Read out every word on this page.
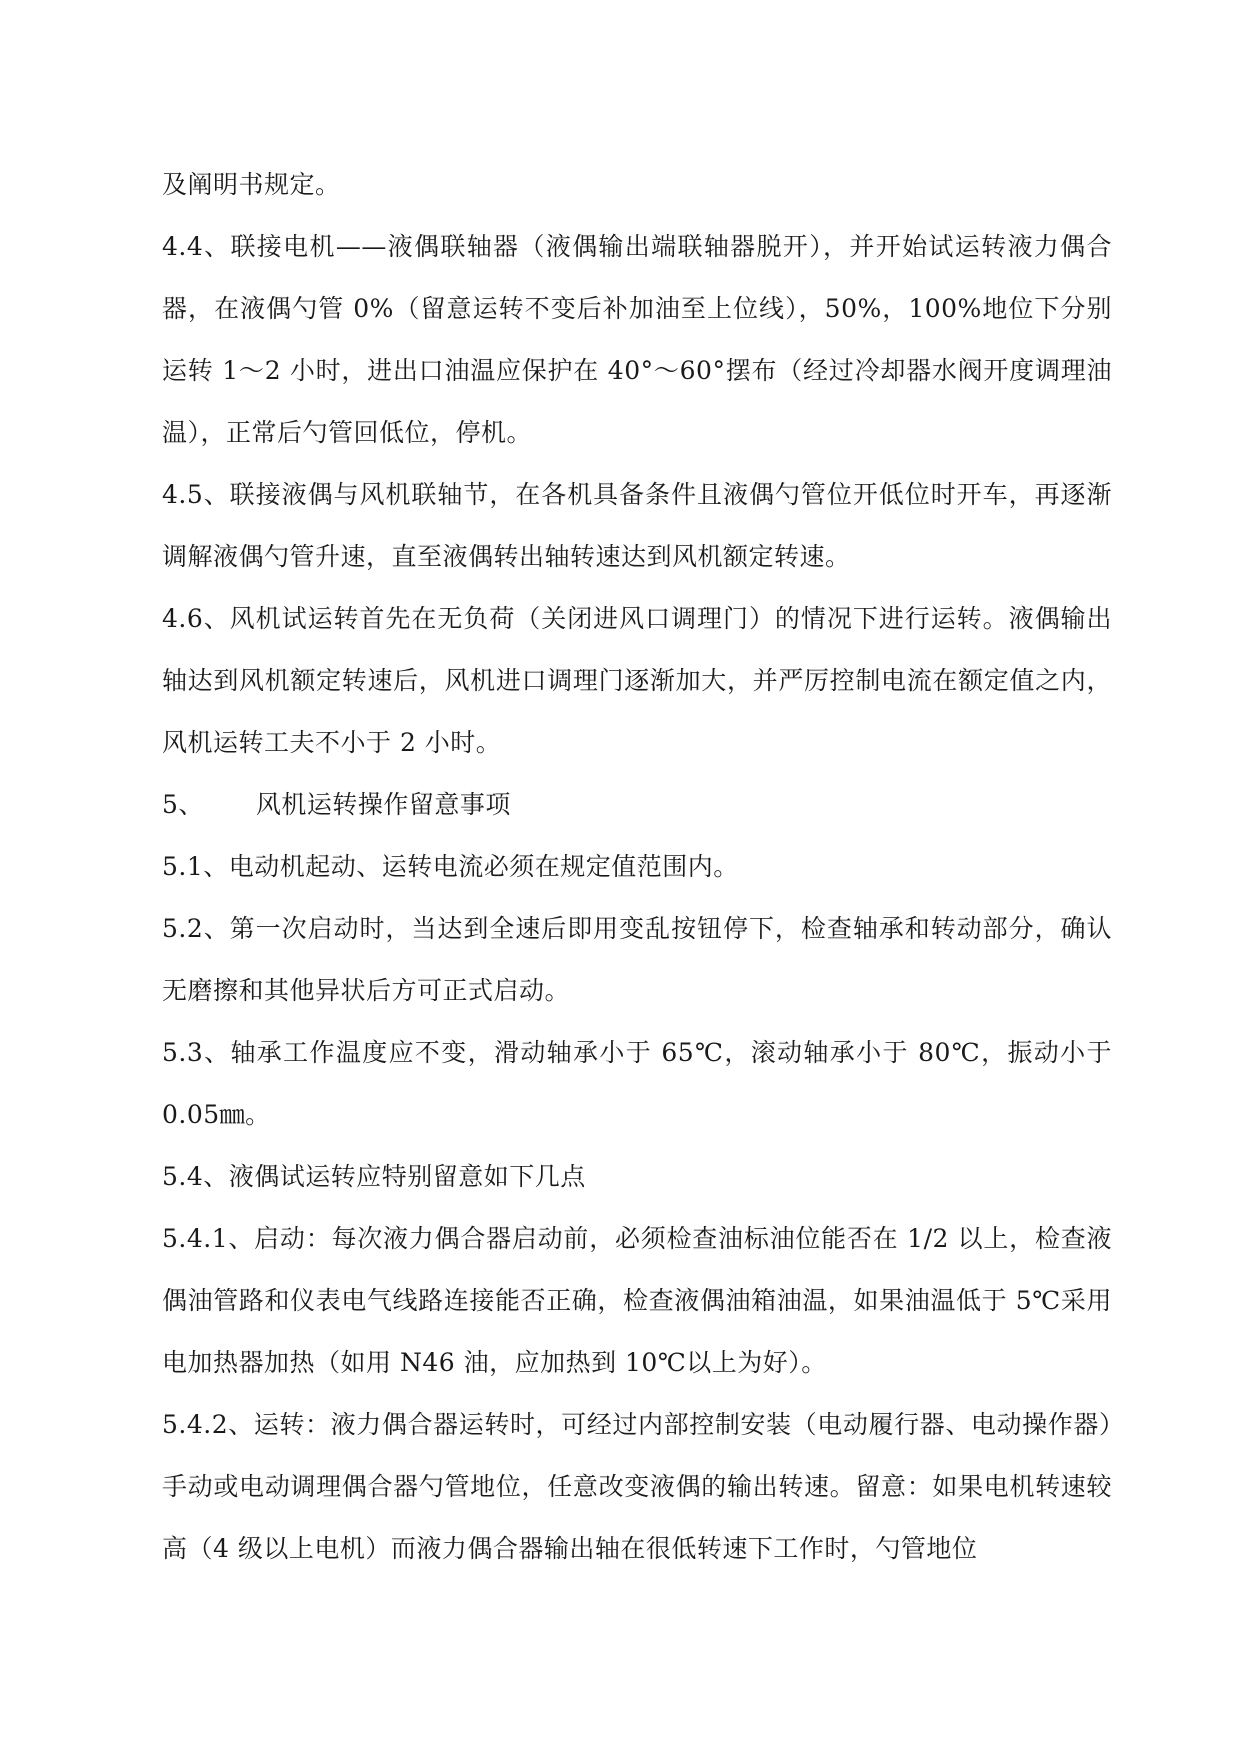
及阐明书规定。

4.4、联接电机——液偶联轴器（液偶输出端联轴器脱开），并开始试运转液力偶合器，在液偶勺管 0%（留意运转不变后补加油至上位线），50%，100%地位下分别运转 1～2 小时，进出口油温应保护在 40°～60°摆布（经过冷却器水阀开度调理油温），正常后勺管回低位，停机。

4.5、联接液偶与风机联轴节，在各机具备条件且液偶勺管位开低位时开车，再逐渐调解液偶勺管升速，直至液偶转出轴转速达到风机额定转速。

4.6、风机试运转首先在无负荷（关闭进风口调理门）的情况下进行运转。液偶输出轴达到风机额定转速后，风机进口调理门逐渐加大，并严厉控制电流在额定值之内，风机运转工夫不小于 2 小时。

5、 风机运转操作留意事项

5.1、电动机起动、运转电流必须在规定值范围内。

5.2、第一次启动时，当达到全速后即用变乱按钮停下，检查轴承和转动部分，确认无磨擦和其他异状后方可正式启动。

5.3、轴承工作温度应不变，滑动轴承小于 65℃，滚动轴承小于 80℃，振动小于 0.05㎜。

5.4、液偶试运转应特别留意如下几点

5.4.1、启动：每次液力偶合器启动前，必须检查油标油位能否在 1/2 以上，检查液偶油管路和仪表电气线路连接能否正确，检查液偶油箱油温，如果油温低于 5℃采用电加热器加热（如用 N46 油，应加热到 10℃以上为好）。

5.4.2、运转：液力偶合器运转时，可经过内部控制安装（电动履行器、电动操作器）手动或电动调理偶合器勺管地位，任意改变液偶的输出转速。留意：如果电机转速较高（4 级以上电机）而液力偶合器输出轴在很低转速下工作时，勺管地位
